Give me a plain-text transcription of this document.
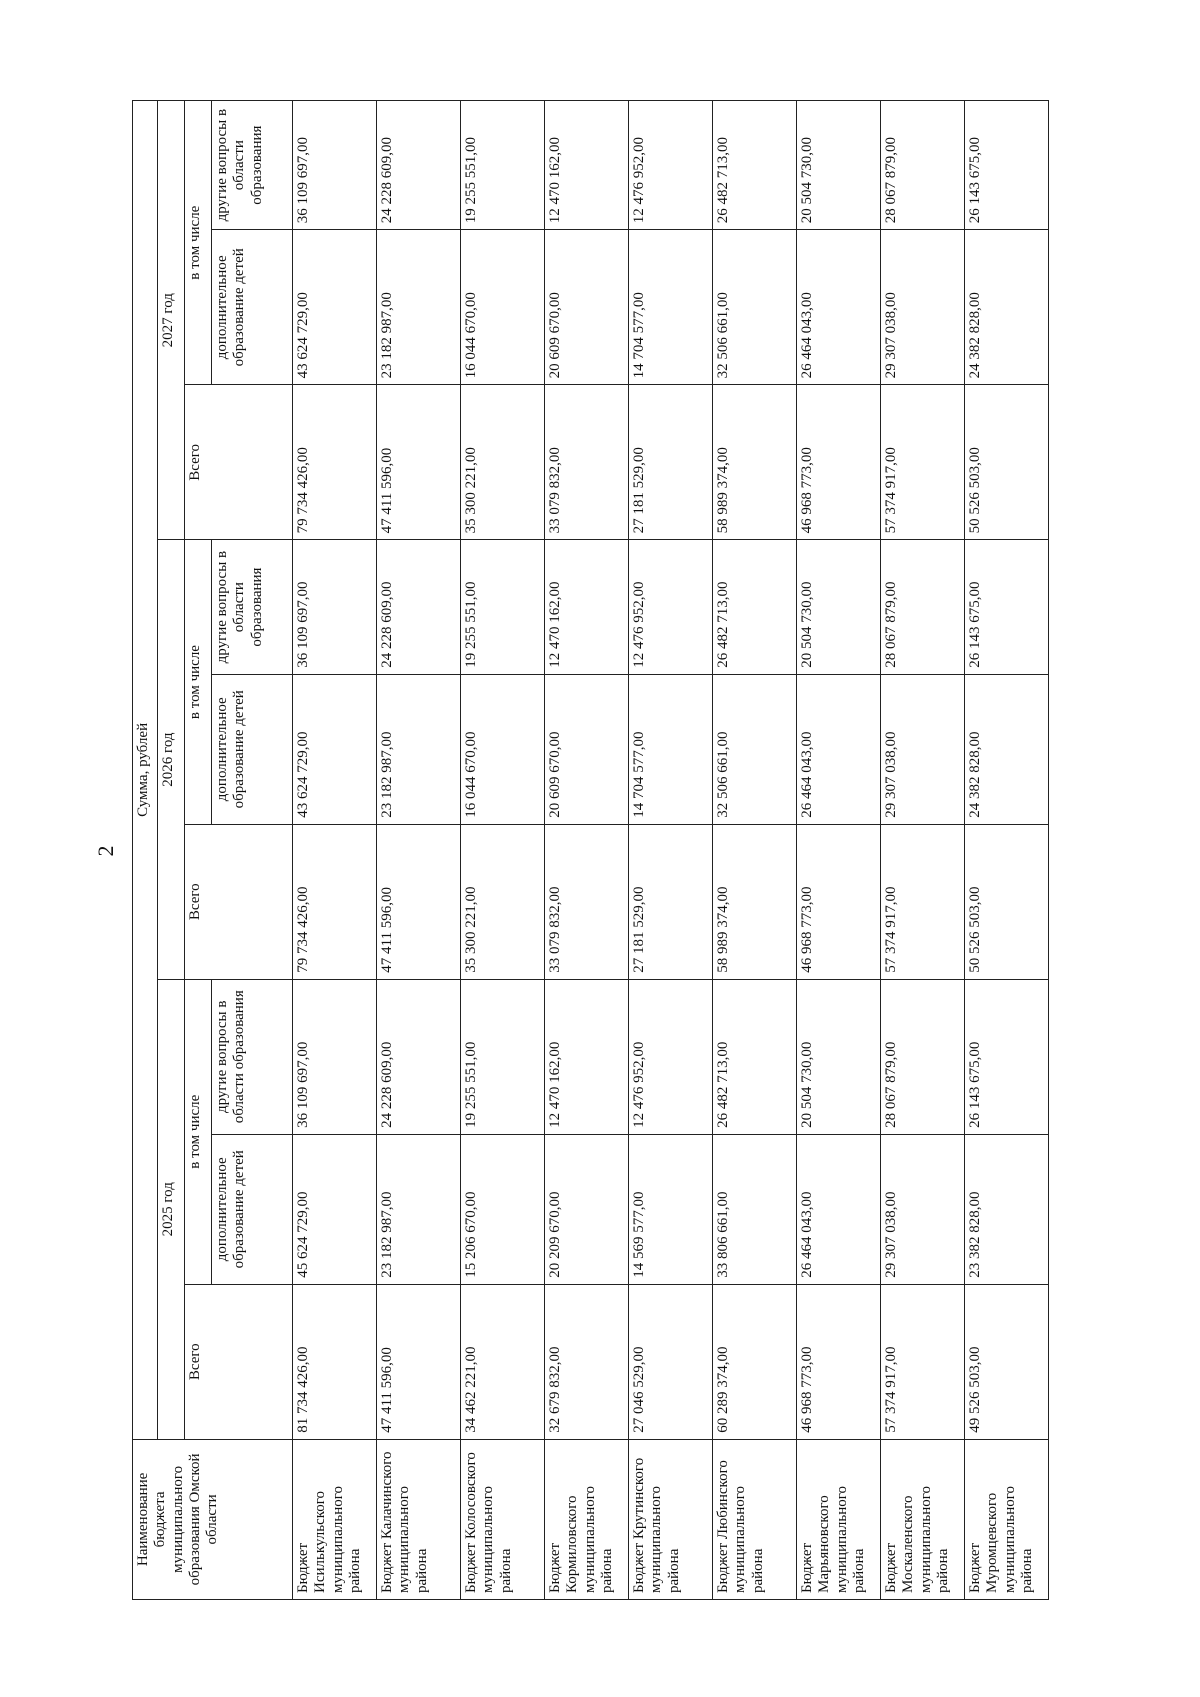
2
Наименование бюджета муниципального образования Омской области	Сумма, рублей								
	2025 год			2026 год			2027 год		
	Всего	в том числе		Всего	в том числе		Всего	в том числе	
		дополнительное образование детей	другие вопросы в области образования		дополнительное образование детей	другие вопросы в области образования		дополнительное образование детей	другие вопросы в области образования
Бюджет Исилькульского муниципального района	81 734 426,00	45 624 729,00	36 109 697,00	79 734 426,00	43 624 729,00	36 109 697,00	79 734 426,00	43 624 729,00	36 109 697,00
Бюджет Калачинского муниципального района	47 411 596,00	23 182 987,00	24 228 609,00	47 411 596,00	23 182 987,00	24 228 609,00	47 411 596,00	23 182 987,00	24 228 609,00
Бюджет Колосовского муниципального района	34 462 221,00	15 206 670,00	19 255 551,00	35 300 221,00	16 044 670,00	19 255 551,00	35 300 221,00	16 044 670,00	19 255 551,00
Бюджет Кормиловского муниципального района	32 679 832,00	20 209 670,00	12 470 162,00	33 079 832,00	20 609 670,00	12 470 162,00	33 079 832,00	20 609 670,00	12 470 162,00
Бюджет Крутинского муниципального района	27 046 529,00	14 569 577,00	12 476 952,00	27 181 529,00	14 704 577,00	12 476 952,00	27 181 529,00	14 704 577,00	12 476 952,00
Бюджет Любинского муниципального района	60 289 374,00	33 806 661,00	26 482 713,00	58 989 374,00	32 506 661,00	26 482 713,00	58 989 374,00	32 506 661,00	26 482 713,00
Бюджет Марьяновского муниципального района	46 968 773,00	26 464 043,00	20 504 730,00	46 968 773,00	26 464 043,00	20 504 730,00	46 968 773,00	26 464 043,00	20 504 730,00
Бюджет Москаленского муниципального района	57 374 917,00	29 307 038,00	28 067 879,00	57 374 917,00	29 307 038,00	28 067 879,00	57 374 917,00	29 307 038,00	28 067 879,00
Бюджет Муромцевского муниципального района	49 526 503,00	23 382 828,00	26 143 675,00	50 526 503,00	24 382 828,00	26 143 675,00	50 526 503,00	24 382 828,00	26 143 675,00
